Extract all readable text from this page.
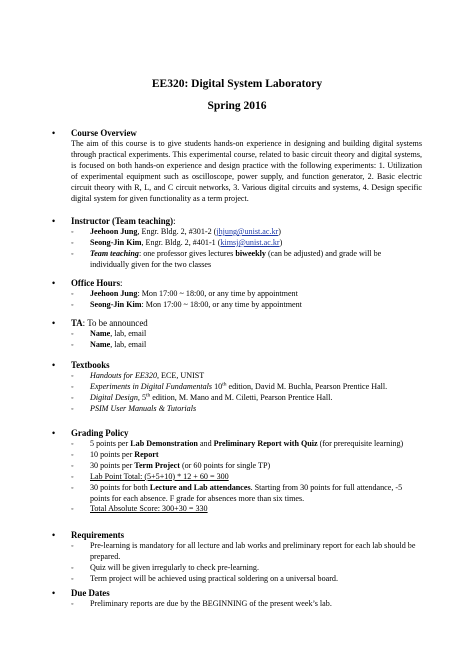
EE320: Digital System Laboratory
Spring 2016
• Course Overview
The aim of this course is to give students hands-on experience in designing and building digital systems through practical experiments. This experimental course, related to basic circuit theory and digital systems, is focused on both hands-on experience and design practice with the following experiments: 1. Utilization of experimental equipment such as oscilloscope, power supply, and function generator, 2. Basic electric circuit theory with R, L, and C circuit networks, 3. Various digital circuits and systems, 4. Design specific digital system for given functionality as a term project.
• Instructor (Team teaching):
◦ Jeehoon Jung, Engr. Bldg. 2, #301-2 (jhjung@unist.ac.kr)
◦ Seong-Jin Kim, Engr. Bldg. 2, #401-1 (kimsj@unist.ac.kr)
◦ Team teaching: one professor gives lectures biweekly (can be adjusted) and grade will be individually given for the two classes
• Office Hours:
◦ Jeehoon Jung: Mon 17:00 ~ 18:00, or any time by appointment
◦ Seong-Jin Kim: Mon 17:00 ~ 18:00, or any time by appointment
• TA: To be announced
◦ Name, lab, email
◦ Name, lab, email
• Textbooks
◦ Handouts for EE320, ECE, UNIST
◦ Experiments in Digital Fundamentals 10th edition, David M. Buchla, Pearson Prentice Hall.
◦ Digital Design, 5th edition, M. Mano and M. Ciletti, Pearson Prentice Hall.
◦ PSIM User Manuals & Tutorials
• Grading Policy
◦ 5 points per Lab Demonstration and Preliminary Report with Quiz (for prerequisite learning)
◦ 10 points per Report
◦ 30 points per Term Project (or 60 points for single TP)
◦ Lab Point Total: (5+5+10) * 12 + 60 = 300
◦ 30 points for both Lecture and Lab attendances. Starting from 30 points for full attendance, -5 points for each absence. F grade for absences more than six times.
◦ Total Absolute Score: 300+30 = 330
• Requirements
◦ Pre-learning is mandatory for all lecture and lab works and preliminary report for each lab should be prepared.
◦ Quiz will be given irregularly to check pre-learning.
◦ Term project will be achieved using practical soldering on a universal board.
• Due Dates
◦ Preliminary reports are due by the BEGINNING of the present week’s lab.
